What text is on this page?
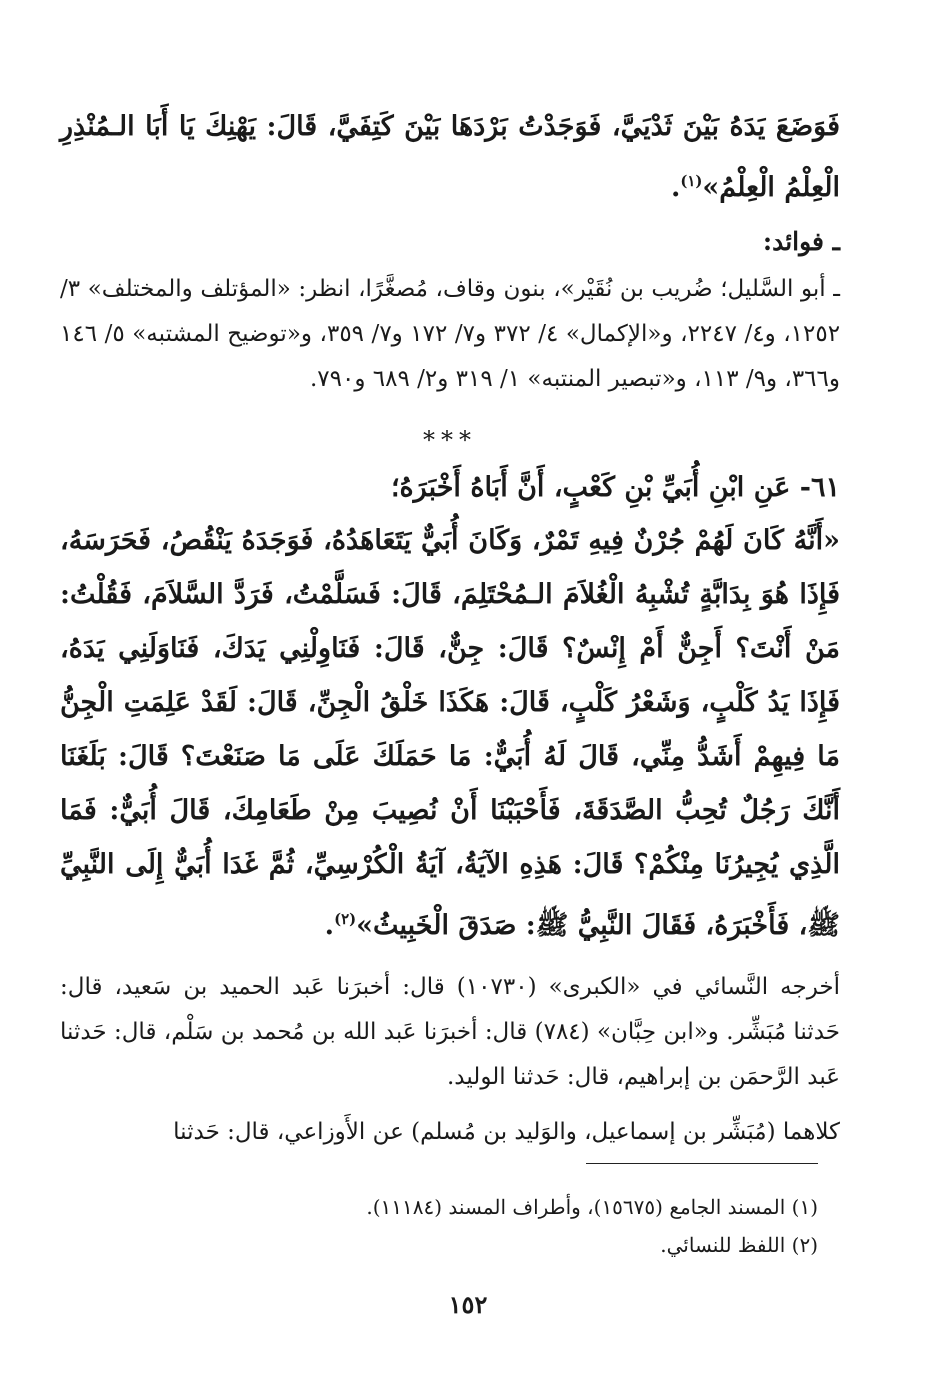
فَوَضَعَ يَدَهُ بَيْنَ ثَدْيَيَّ، فَوَجَدْتُ بَرْدَهَا بَيْنَ كَتِفَيَّ، قَالَ: يَهْنِكَ يَا أَبَا الـمُنْذِرِ الْعِلْمُ الْعِلْمُ»$^{(١)}$.

ـ فوائد:

ـ أبو السَّليل؛ ضُريب بن نُقَيْر»، بنون وقاف، مُصغَّرًا، انظر: «المؤتلف والمختلف» ٣/ ١٢٥٢، و٤/ ٢٢٤٧، و«الإكمال» ٤/ ٣٧٢ و٧/ ١٧٢ و٧/ ٣٥٩، و«توضيح المشتبه» ٥/ ١٤٦ و٣٦٦، و٩/ ١١٣، و«تبصير المنتبه» ١/ ٣١٩ و٢/ ٦٨٩ و٧٩٠.

***

٦١- عَنِ ابْنِ أُبَيِّ بْنِ كَعْبٍ، أَنَّ أَبَاهُ أَخْبَرَهُ؛

«أَنَّهُ كَانَ لَهُمْ جُرْنٌ فِيهِ تَمْرٌ، وَكَانَ أُبَيٌّ يَتَعَاهَدُهُ، فَوَجَدَهُ يَنْقُصُ، فَحَرَسَهُ، فَإِذَا هُوَ بِدَابَّةٍ تُشْبِهُ الْغُلاَمَ الـمُحْتَلِمَ، قَالَ: فَسَلَّمْتُ، فَرَدَّ السَّلاَمَ، فَقُلْتُ: مَنْ أَنْتَ؟ أَجِنٌّ أَمْ إِنْسٌ؟ قَالَ: جِنٌّ، قَالَ: فَنَاوِلْنِي يَدَكَ، فَنَاوَلَنِي يَدَهُ، فَإِذَا يَدُ كَلْبٍ، وَشَعْرُ كَلْبٍ، قَالَ: هَكَذَا خَلْقُ الْجِنِّ، قَالَ: لَقَدْ عَلِمَتِ الْجِنُّ مَا فِيهِمْ أَشَدُّ مِنِّي، قَالَ لَهُ أُبَيٌّ: مَا حَمَلَكَ عَلَى مَا صَنَعْتَ؟ قَالَ: بَلَغَنَا أَنَّكَ رَجُلٌ تُحِبُّ الصَّدَقَةَ، فَأَحْبَبْنَا أَنْ نُصِيبَ مِنْ طَعَامِكَ، قَالَ أُبَيٌّ: فَمَا الَّذِي يُجِيرُنَا مِنْكُمْ؟ قَالَ: هَذِهِ الآيَةُ، آيَةُ الْكُرْسِيِّ، ثُمَّ غَدَا أُبَيٌّ إِلَى النَّبِيِّ ﷺ، فَأَخْبَرَهُ، فَقَالَ النَّبِيُّ ﷺ: صَدَقَ الْخَبِيثُ»$^{(٢)}$.

أخرجه النَّسائي في «الكبرى» (١٠٧٣٠) قال: أخبرَنا عَبد الحميد بن سَعيد، قال: حَدثنا مُبَشِّر. و«ابن حِبَّان» (٧٨٤) قال: أخبرَنا عَبد الله بن مُحمد بن سَلْم، قال: حَدثنا عَبد الرَّحمَن بن إبراهيم، قال: حَدثنا الوليد.

كلاهما (مُبَشِّر بن إسماعيل، والوَليد بن مُسلم) عن الأَوزاعي، قال: حَدثنا

(١) المسند الجامع (١٥٦٧٥)، وأطراف المسند (١١١٨٤).
(٢) اللفظ للنسائي.
١٥٢
